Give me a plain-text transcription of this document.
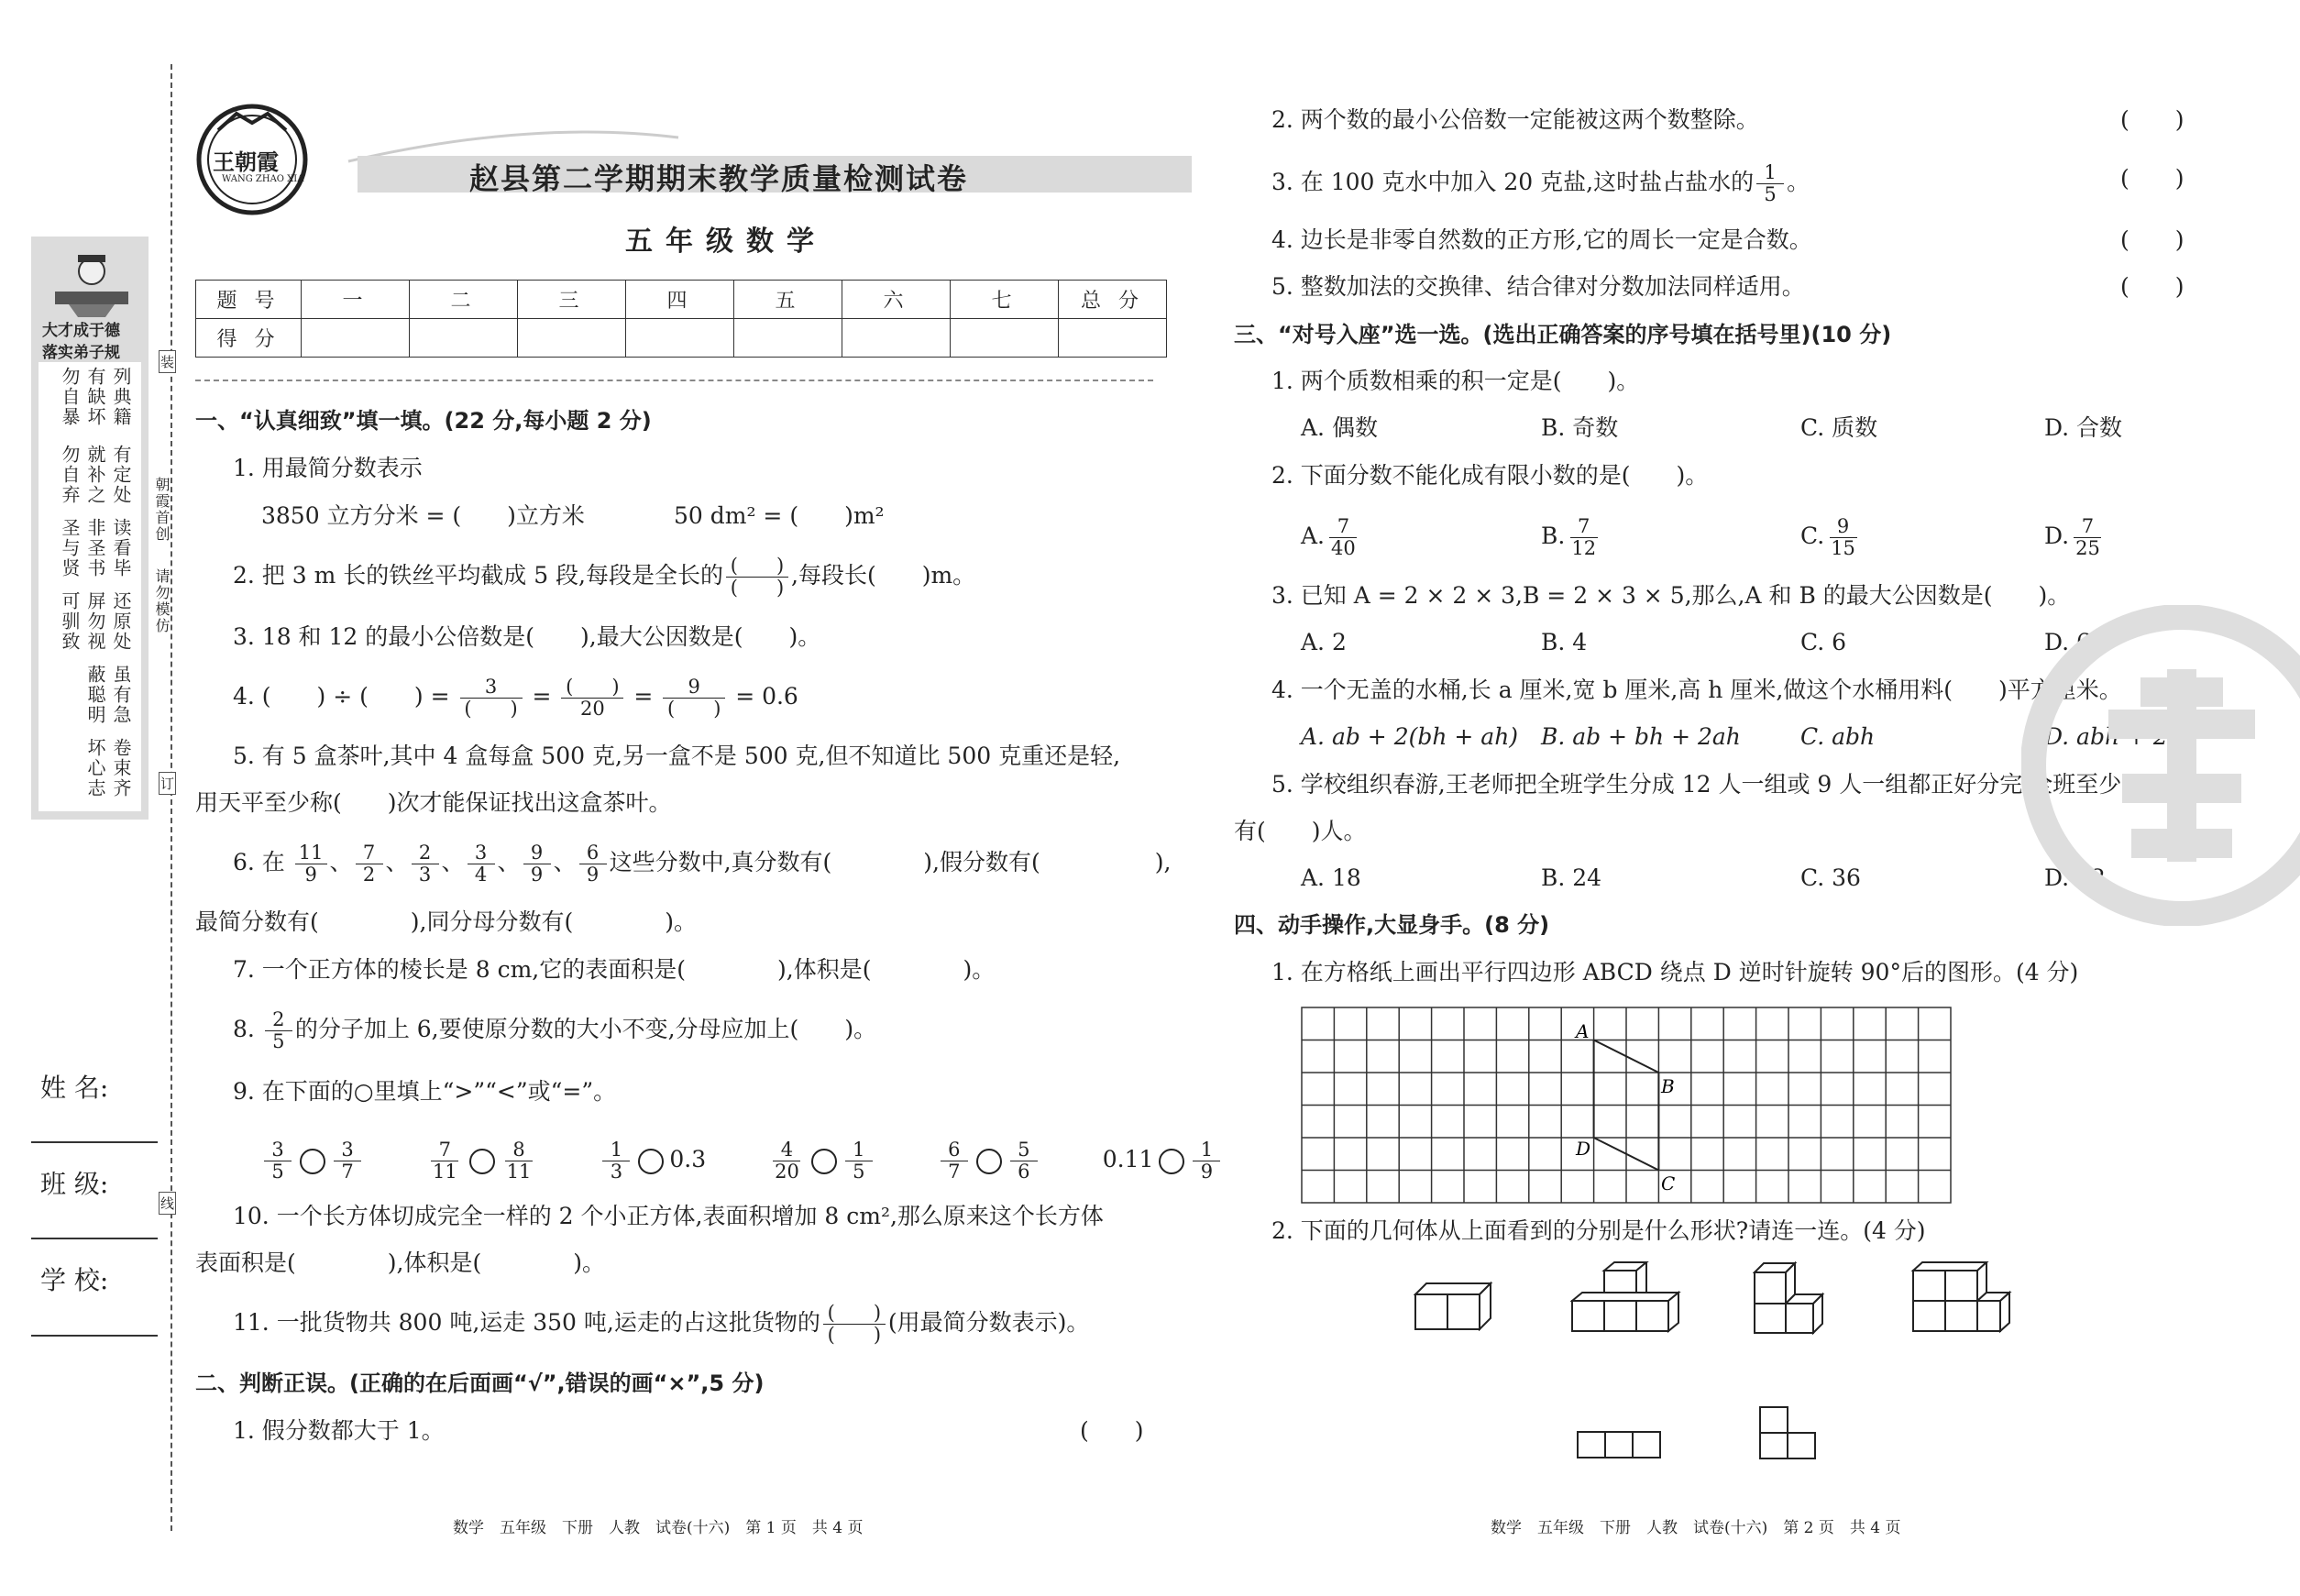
大才成于德
落实弟子规
列典籍
有缺坏
勿自暴
有定处
就补之
勿自弃
读看毕
非圣书
圣与贤
还原处
屏勿视
可驯致
虽有急
蔽聪明
卷束齐
坏心志
姓 名:
班 级:
学 校:
装
订
线
朝霞首创
请勿模仿
王朝霞
WANG ZHAO XIA	赵县第二学期期末教学质量检测试卷
五年级数学
题 号	一	二	三	四	五	六	七	总 分
得 分								
一、“认真细致”填一填。(22 分,每小题 2 分)
1. 用最简分数表示
3850 立方分米 = (　　)立方米	50 dm² = (　　)m²
2. 把 3 m 长的铁丝平均截成 5 段,每段是全长的 (　　)
(　　) ,每段长(　　)m。
3. 18 和 12 的最小公倍数是(　　),最大公因数是(　　)。
4. (　　) ÷ (　　) =	3
(　　) = (　　)
20	=	9
(　　) = 0.6
5. 有 5 盒茶叶,其中 4 盒每盒 500 克,另一盒不是 500 克,但不知道比 500 克重还是轻,
用天平至少称(　　)次才能保证找出这盒茶叶。
6. 在 $\frac{11}{9}$ 、 $\frac{7}{2}$ 、 $\frac{2}{3}$ 、 $\frac{3}{4}$ 、 $\frac{9}{9}$ 、 $\frac{6}{9}$ 这些分数中,真分数有(　　　　),假分数有(　　　　　),
最简分数有(　　　　),同分母分数有(　　　　)。
7. 一个正方体的棱长是 8 cm,它的表面积是(　　　　),体积是(　　　　)。
8. $\frac{2}{5}$ 的分子加上 6,要使原分数的大小不变,分母应加上(　　)。
9. 在下面的○里填上“>”“<”或“=”。
$\frac{3}{5} \frac{3}{7}$
	$\frac{7}{11} \frac{8}{11}$
	$\frac{1}{3} 0.3$	$\frac{4}{20} \frac{1}{5}$
	$\frac{6}{7} \frac{5}{6}$	$0.11 \frac{1}{9}$
10. 一个长方体切成完全一样的 2 个小正方体,表面积增加 8 cm²,那么原来这个长方体
表面积是(　　　　),体积是(　　　　)。
11. 一批货物共 800 吨,运走 350 吨,运走的占这批货物的 (　　)
(　　) (用最简分数表示)。
二、判断正误。(正确的在后面画“√”,错误的画“×”,5 分)
1. 假分数都大于 1。	(　　)
2. 两个数的最小公倍数一定能被这两个数整除。	(　　)
3. 在 100 克水中加入 20 克盐,这时盐占盐水的 $\frac{1}{5}$ 。	(　　)
4. 边长是非零自然数的正方形,它的周长一定是合数。	(　　)
5. 整数加法的交换律、结合律对分数加法同样适用。	(　　)
三、“对号入座”选一选。(选出正确答案的序号填在括号里)(10 分)
1. 两个质数相乘的积一定是(　　)。
A. 偶数	B. 奇数	C. 质数	D. 合数
2. 下面分数不能化成有限小数的是(　　)。
A. $\frac{7}{40}$	B. $\frac{7}{12}$	C. $\frac{9}{15}$	D. $\frac{7}{25}$
3. 已知 A = 2 × 2 × 3,B = 2 × 3 × 5,那么,A 和 B 的最大公因数是(　　)。
A. 2	B. 4	C. 6	D. 60
4. 一个无盖的水桶,长 a 厘米,宽 b 厘米,高 h 厘米,做这个水桶用料(　　)平方厘米。
A. ab + 2(bh + ah) B. ab + bh + 2ah	C. abh	D. abh + 2ab
5. 学校组织春游,王老师把全班学生分成 12 人一组或 9 人一组都正好分完,全班至少
有(　　)人。
A. 18	B. 24	C. 36	D. 72
四、动手操作,大显身手。(8 分)
1. 在方格纸上画出平行四边形 ABCD 绕点 D 逆时针旋转 90°后的图形。(4 分)
A
B
D
C
2. 下面的几何体从上面看到的分别是什么形状?请连一连。(4 分)
数学　五年级　下册　人教　试卷(十六)　第 1 页　共 4 页	数学　五年级　下册　人教　试卷(十六)　第 2 页　共 4 页
